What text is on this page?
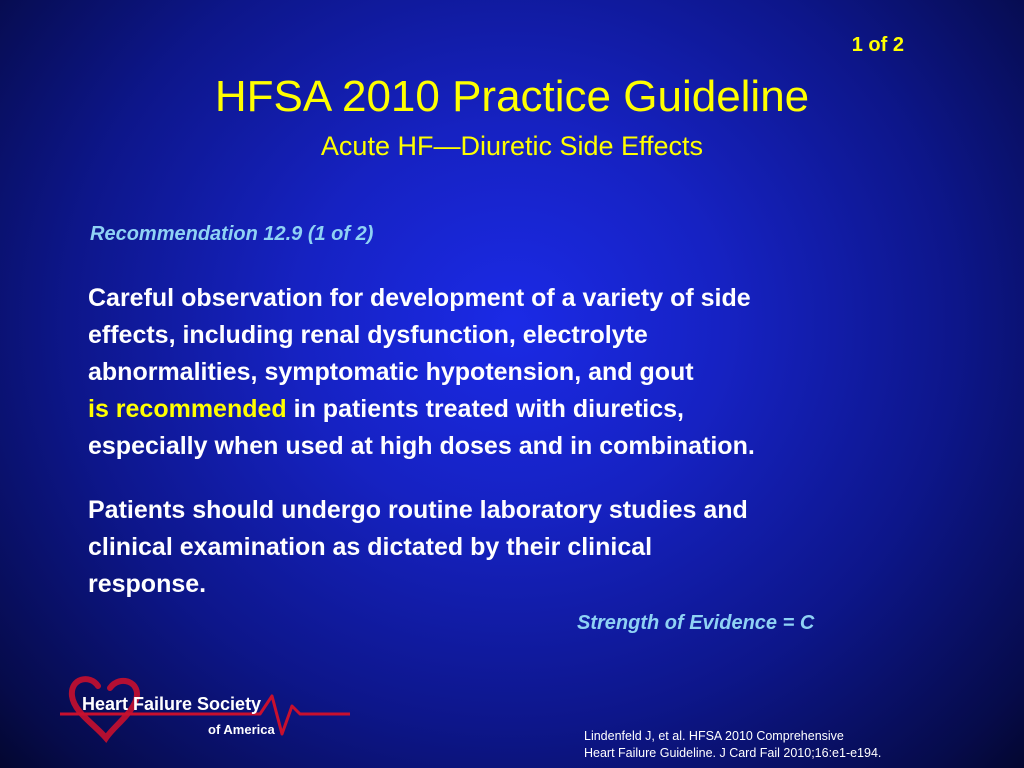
1 of 2
HFSA 2010 Practice Guideline
Acute HF—Diuretic Side Effects
Recommendation 12.9 (1 of 2)
Careful observation for development of a variety of side
effects, including renal dysfunction, electrolyte
abnormalities, symptomatic hypotension, and gout
is recommended in patients treated with diuretics,
especially when used at high doses and in combination.
Patients should undergo routine laboratory studies and
clinical examination as dictated by their clinical
response.
Strength of Evidence = C
Heart Failure Society
of America	Lindenfeld J, et al. HFSA 2010 Comprehensive
Heart Failure Guideline. J Card Fail 2010;16:e1-e194.
